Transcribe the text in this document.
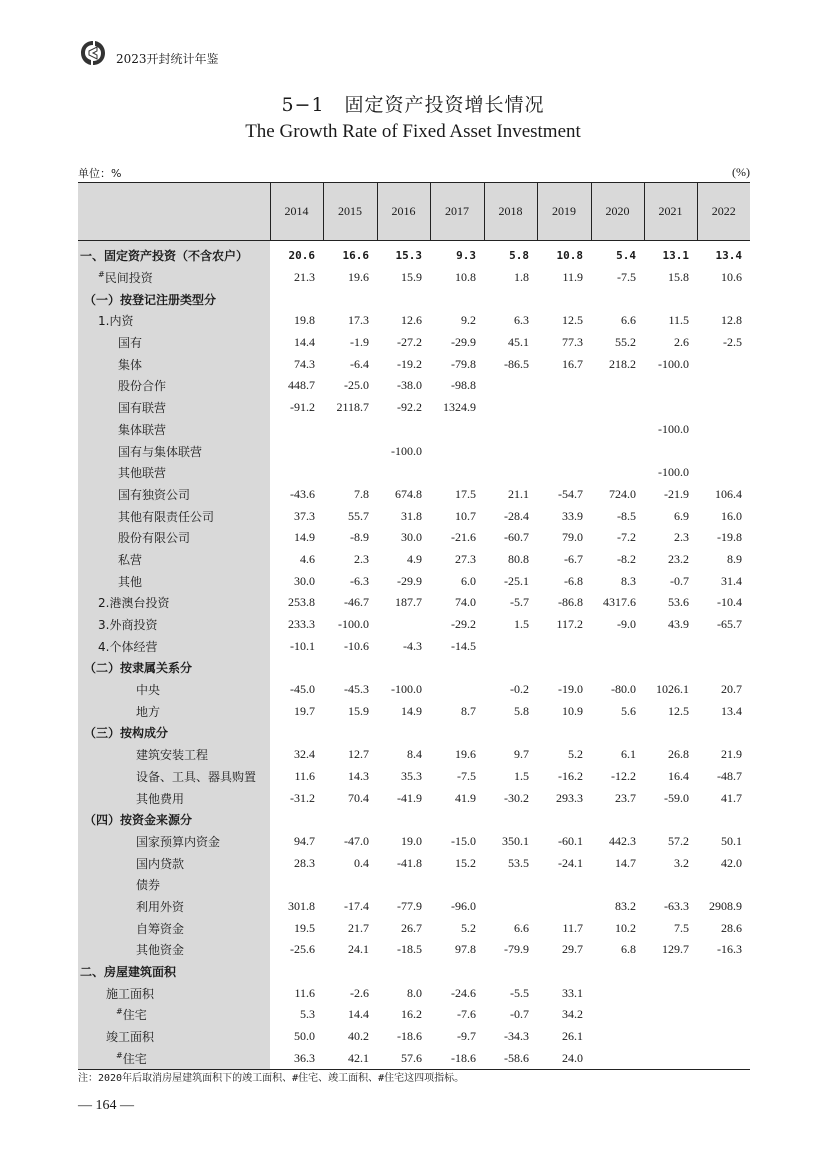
2023开封统计年鉴
5−1　固定资产投资增长情况
The Growth Rate of Fixed Asset Investment
单位：%	(%)
	2014	2015	2016	2017	2018	2019	2020	2021	2022
一、固定资产投资（不含农户）	20.6	16.6	15.3	9.3	5.8	10.8	5.4	13.1	13.4
#民间投资	21.3	19.6	15.9	10.8	1.8	11.9	-7.5	15.8	10.6
（一）按登记注册类型分									
1.内资	19.8	17.3	12.6	9.2	6.3	12.5	6.6	11.5	12.8
国有	14.4	-1.9	-27.2	-29.9	45.1	77.3	55.2	2.6	-2.5
集体	74.3	-6.4	-19.2	-79.8	-86.5	16.7	218.2	-100.0	
股份合作	448.7	-25.0	-38.0	-98.8					
国有联营	-91.2	2118.7	-92.2	1324.9					
集体联营								-100.0	
国有与集体联营			-100.0						
其他联营								-100.0	
国有独资公司	-43.6	7.8	674.8	17.5	21.1	-54.7	724.0	-21.9	106.4
其他有限责任公司	37.3	55.7	31.8	10.7	-28.4	33.9	-8.5	6.9	16.0
股份有限公司	14.9	-8.9	30.0	-21.6	-60.7	79.0	-7.2	2.3	-19.8
私营	4.6	2.3	4.9	27.3	80.8	-6.7	-8.2	23.2	8.9
其他	30.0	-6.3	-29.9	6.0	-25.1	-6.8	8.3	-0.7	31.4
2.港澳台投资	253.8	-46.7	187.7	74.0	-5.7	-86.8	4317.6	53.6	-10.4
3.外商投资	233.3	-100.0		-29.2	1.5	117.2	-9.0	43.9	-65.7
4.个体经营	-10.1	-10.6	-4.3	-14.5					
（二）按隶属关系分									
中央	-45.0	-45.3	-100.0		-0.2	-19.0	-80.0	1026.1	20.7
地方	19.7	15.9	14.9	8.7	5.8	10.9	5.6	12.5	13.4
（三）按构成分									
建筑安装工程	32.4	12.7	8.4	19.6	9.7	5.2	6.1	26.8	21.9
设备、工具、器具购置	11.6	14.3	35.3	-7.5	1.5	-16.2	-12.2	16.4	-48.7
其他费用	-31.2	70.4	-41.9	41.9	-30.2	293.3	23.7	-59.0	41.7
（四）按资金来源分									
国家预算内资金	94.7	-47.0	19.0	-15.0	350.1	-60.1	442.3	57.2	50.1
国内贷款	28.3	0.4	-41.8	15.2	53.5	-24.1	14.7	3.2	42.0
债券									
利用外资	301.8	-17.4	-77.9	-96.0			83.2	-63.3	2908.9
自筹资金	19.5	21.7	26.7	5.2	6.6	11.7	10.2	7.5	28.6
其他资金	-25.6	24.1	-18.5	97.8	-79.9	29.7	6.8	129.7	-16.3
二、房屋建筑面积									
施工面积	11.6	-2.6	8.0	-24.6	-5.5	33.1			
#住宅	5.3	14.4	16.2	-7.6	-0.7	34.2			
竣工面积	50.0	40.2	-18.6	-9.7	-34.3	26.1			
#住宅	36.3	42.1	57.6	-18.6	-58.6	24.0			
注：2020年后取消房屋建筑面积下的竣工面积、#住宅、竣工面积、#住宅这四项指标。
— 164 —
